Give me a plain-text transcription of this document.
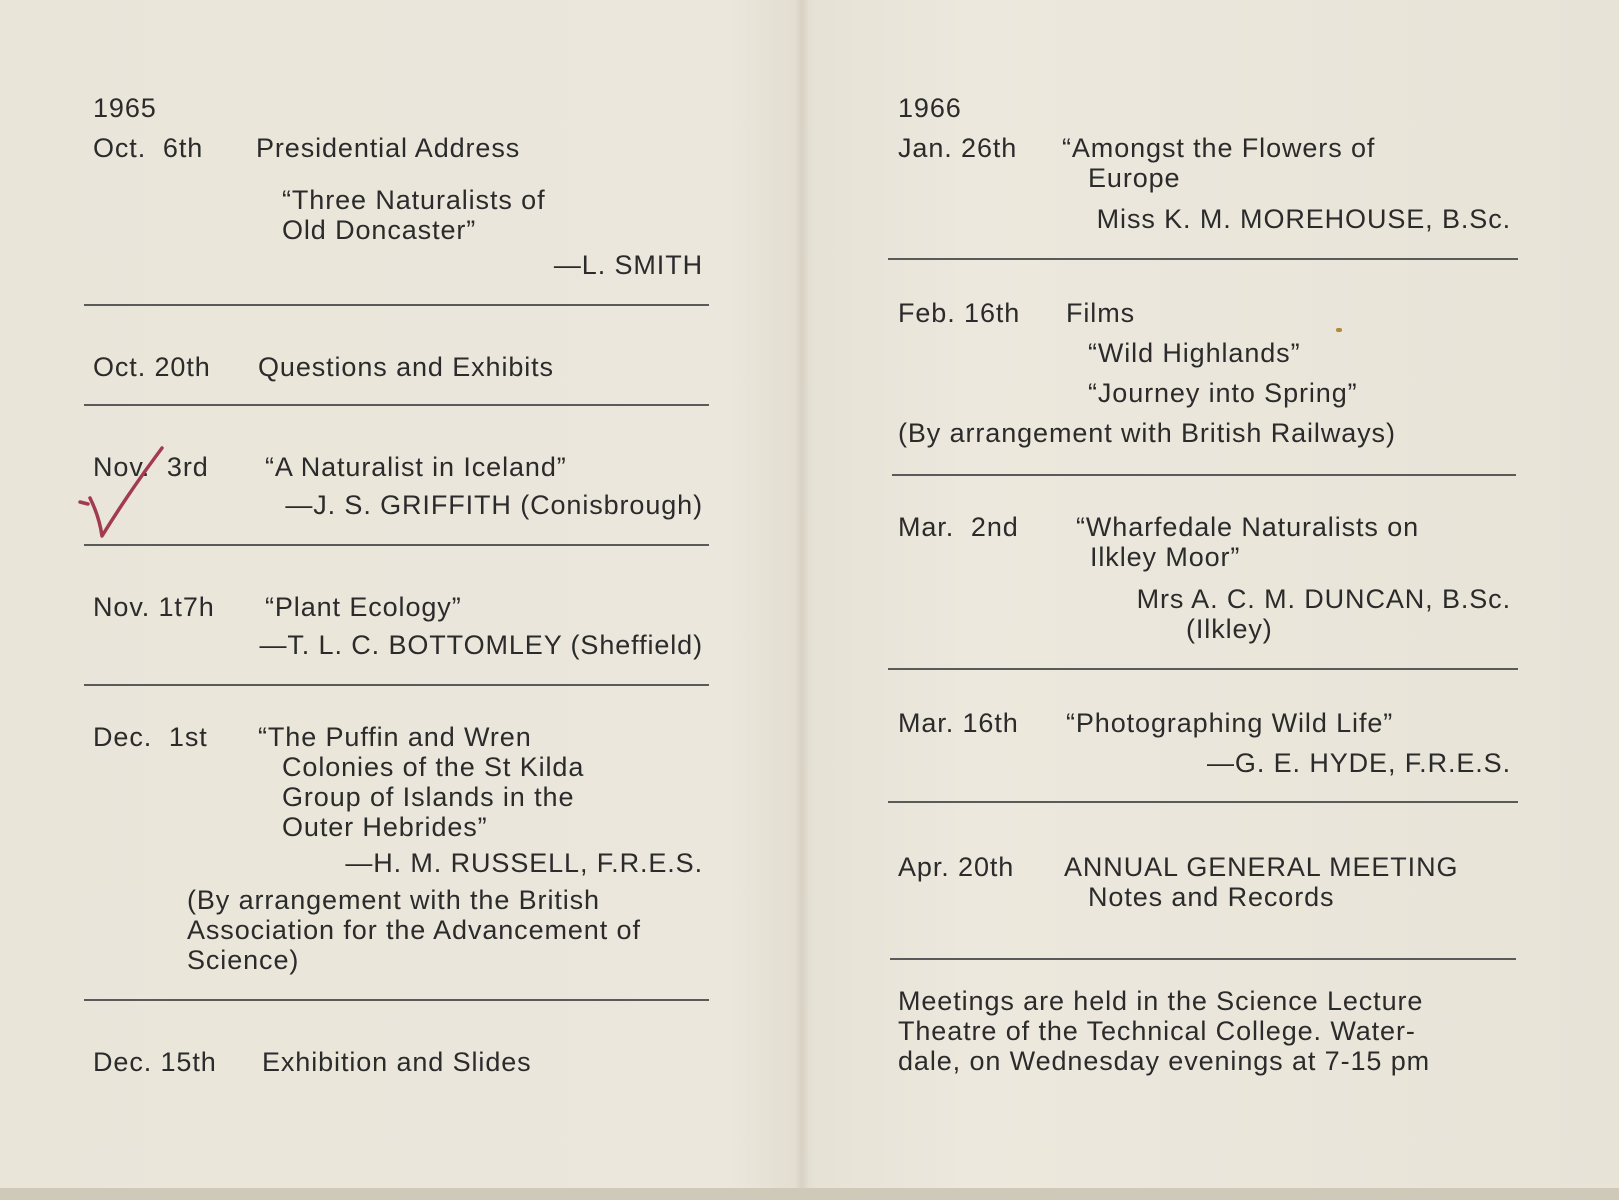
1965
Oct.  6th Presidential Address
“Three Naturalists of
Old Doncaster”
—L. SMITH
Oct. 20th Questions and Exhibits
Nov.  3rd “A Naturalist in Iceland”
—J. S. GRIFFITH (Conisbrough)
Nov. 1t7h “Plant Ecology”
—T. L. C. BOTTOMLEY (Sheffield)
Dec.  1st “The Puffin and Wren
Colonies of the St Kilda
Group of Islands in the
Outer Hebrides”
—H. M. RUSSELL, F.R.E.S.
(By arrangement with the British
Association for the Advancement of
Science)
Dec. 15th Exhibition and Slides
1966
Jan. 26th “Amongst the Flowers of
Europe
Miss K. M. MOREHOUSE, B.Sc.
Feb. 16th Films
“Wild Highlands”
“Journey into Spring”
(By arrangement with British Railways)
Mar.  2nd “Wharfedale Naturalists on
Ilkley Moor”
Mrs A. C. M. DUNCAN, B.Sc.
(Ilkley)
Mar. 16th “Photographing Wild Life”
—G. E. HYDE, F.R.E.S.
Apr. 20th ANNUAL GENERAL MEETING
Notes and Records
Meetings are held in the Science Lecture
Theatre of the Technical College. Water-
dale, on Wednesday evenings at 7-15 pm
